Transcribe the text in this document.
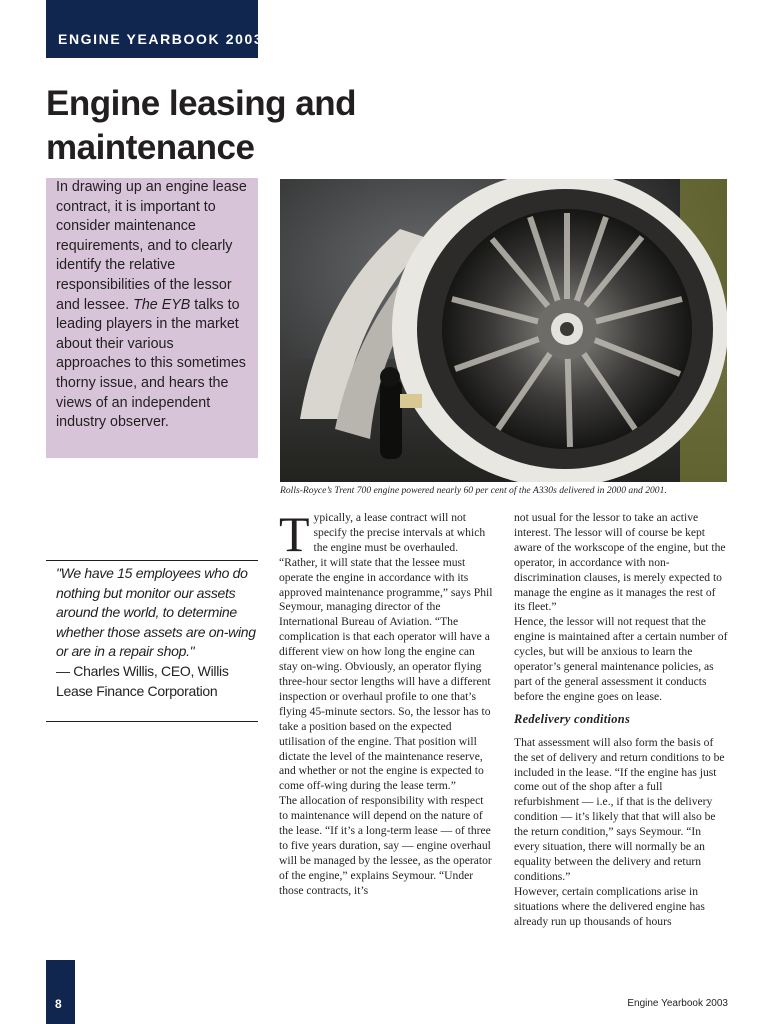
ENGINE YEARBOOK 2003
Engine leasing and
maintenance

In drawing up an engine lease contract, it is important to consider maintenance requirements, and to clearly identify the relative responsibilities of the lessor and lessee. The EYB talks to leading players in the market about their various approaches to this sometimes thorny issue, and hears the views of an independent industry observer.

Rolls-Royce’s Trent 700 engine powered nearly 60 per cent of the A330s delivered in 2000 and 2001.

"We have 15 employees who do nothing but monitor our assets around the world, to determine whether those assets are on-wing or are in a repair shop."

— Charles Willis, CEO, Willis Lease Finance Corporation

T ypically, a lease contract will not specify the precise intervals at which the engine must be overhauled. “Rather, it will state that the lessee must operate the engine in accordance with its approved maintenance programme,” says Phil Seymour, managing director of the International Bureau of Aviation. “The complication is that each operator will have a different view on how long the engine can stay on-wing. Obviously, an operator flying three-hour sector lengths will have a different inspection or overhaul profile to one that’s flying 45-minute sectors. So, the lessor has to take a position based on the expected utilisation of the engine. That position will dictate the level of the maintenance reserve, and whether or not the engine is expected to come off-wing during the lease term.”

The allocation of responsibility with respect to maintenance will depend on the nature of the lease. “If it’s a long-term lease — of three to five years duration, say — engine overhaul will be managed by the lessee, as the operator of the engine,” explains Seymour. “Under those contracts, it’s

not usual for the lessor to take an active interest. The lessor will of course be kept aware of the workscope of the engine, but the operator, in accordance with non-discrimination clauses, is merely expected to manage the engine as it manages the rest of its fleet.”

Hence, the lessor will not request that the engine is maintained after a certain number of cycles, but will be anxious to learn the operator’s general maintenance policies, as part of the general assessment it conducts before the engine goes on lease.

Redelivery conditions

That assessment will also form the basis of the set of delivery and return conditions to be included in the lease. “If the engine has just come out of the shop after a full refurbishment — i.e., if that is the delivery condition — it’s likely that that will also be the return condition,” says Seymour. “In every situation, there will normally be an equality between the delivery and return conditions.”

However, certain complications arise in situations where the delivered engine has already run up thousands of hours

8	Engine Yearbook 2003
